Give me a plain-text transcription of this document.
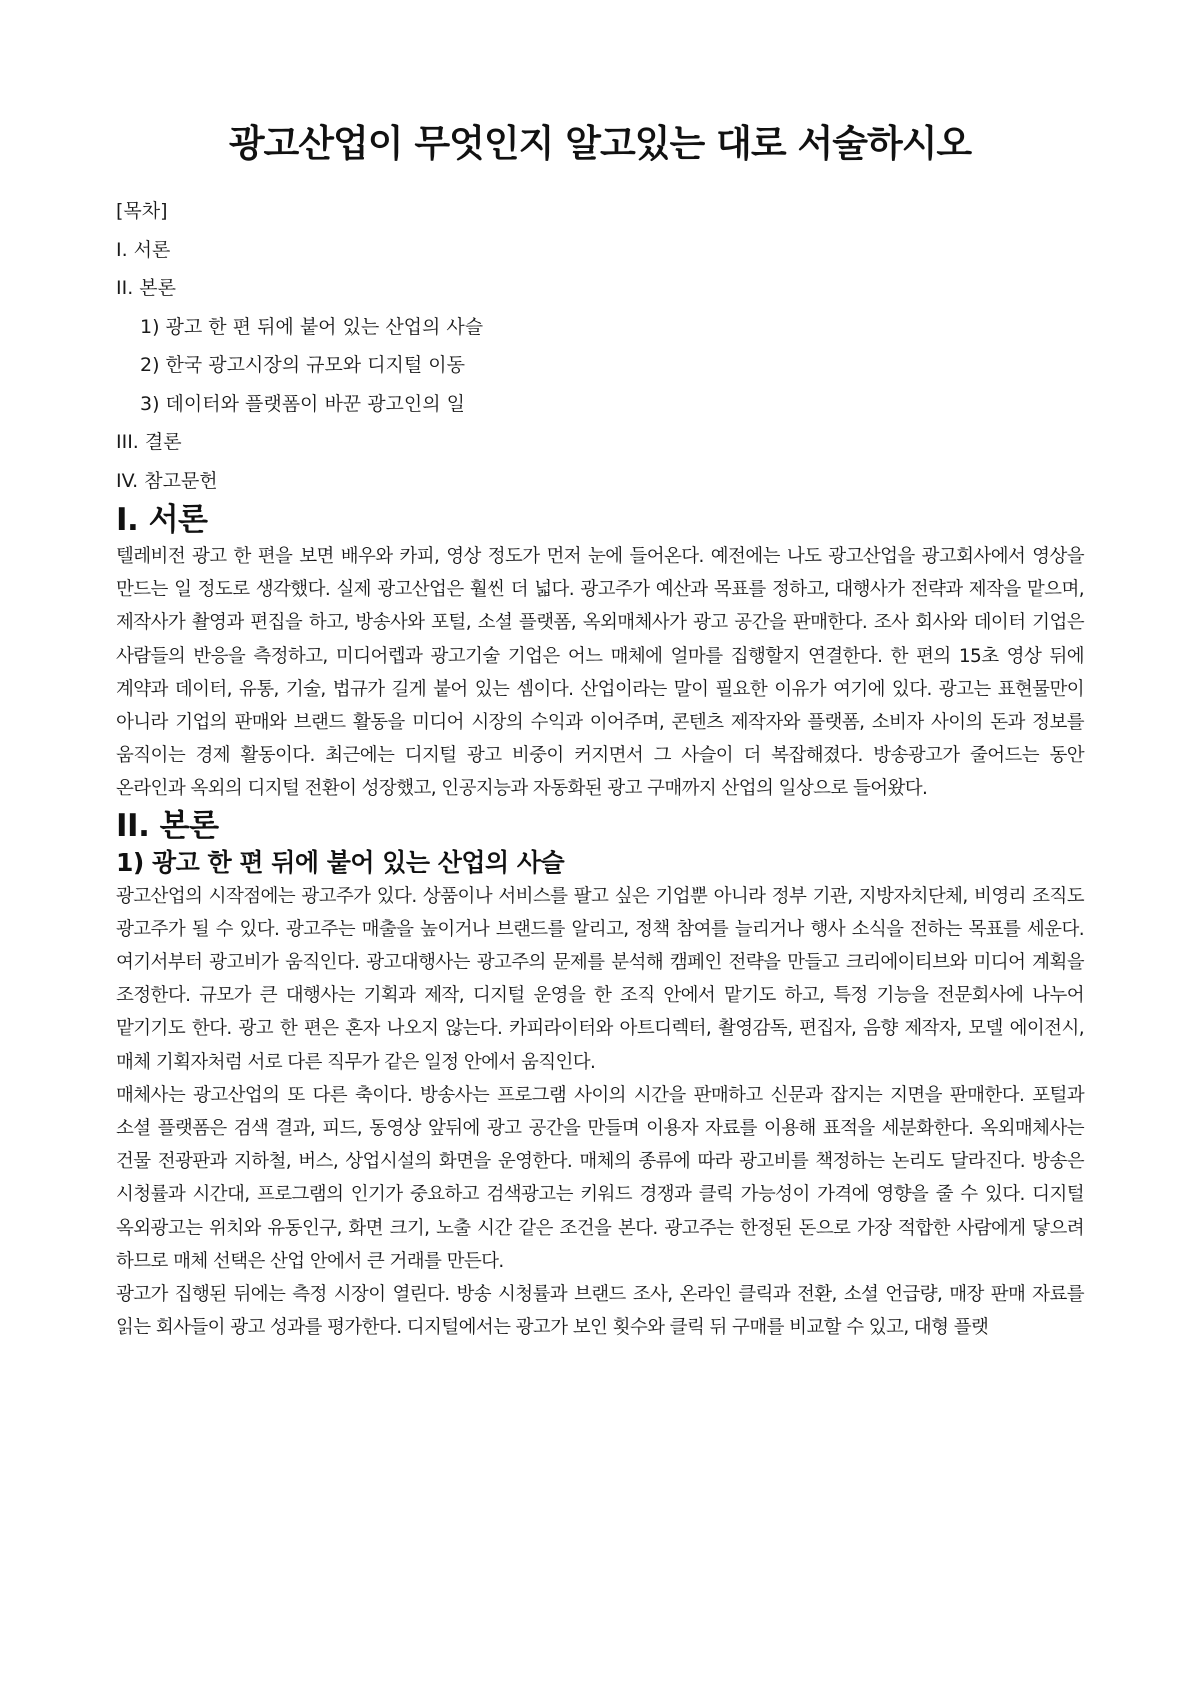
광고산업이 무엇인지 알고있는 대로 서술하시오
[목차]
I. 서론
II. 본론
1) 광고 한 편 뒤에 붙어 있는 산업의 사슬
2) 한국 광고시장의 규모와 디지털 이동
3) 데이터와 플랫폼이 바꾼 광고인의 일
III. 결론
IV. 참고문헌
I. 서론

텔레비전 광고 한 편을 보면 배우와 카피, 영상 정도가 먼저 눈에 들어온다. 예전에는 나도 광고산업을 광고회사에서 영상을 만드는 일 정도로 생각했다. 실제 광고산업은 훨씬 더 넓다. 광고주가 예산과 목표를 정하고, 대행사가 전략과 제작을 맡으며, 제작사가 촬영과 편집을 하고, 방송사와 포털, 소셜 플랫폼, 옥외매체사가 광고 공간을 판매한다. 조사 회사와 데이터 기업은 사람들의 반응을 측정하고, 미디어렙과 광고기술 기업은 어느 매체에 얼마를 집행할지 연결한다. 한 편의 15초 영상 뒤에 계약과 데이터, 유통, 기술, 법규가 길게 붙어 있는 셈이다. 산업이라는 말이 필요한 이유가 여기에 있다. 광고는 표현물만이 아니라 기업의 판매와 브랜드 활동을 미디어 시장의 수익과 이어주며, 콘텐츠 제작자와 플랫폼, 소비자 사이의 돈과 정보를 움직이는 경제 활동이다. 최근에는 디지털 광고 비중이 커지면서 그 사슬이 더 복잡해졌다. 방송광고가 줄어드는 동안 온라인과 옥외의 디지털 전환이 성장했고, 인공지능과 자동화된 광고 구매까지 산업의 일상으로 들어왔다.

II. 본론
1) 광고 한 편 뒤에 붙어 있는 산업의 사슬

광고산업의 시작점에는 광고주가 있다. 상품이나 서비스를 팔고 싶은 기업뿐 아니라 정부 기관, 지방자치단체, 비영리 조직도 광고주가 될 수 있다. 광고주는 매출을 높이거나 브랜드를 알리고, 정책 참여를 늘리거나 행사 소식을 전하는 목표를 세운다. 여기서부터 광고비가 움직인다. 광고대행사는 광고주의 문제를 분석해 캠페인 전략을 만들고 크리에이티브와 미디어 계획을 조정한다. 규모가 큰 대행사는 기획과 제작, 디지털 운영을 한 조직 안에서 맡기도 하고, 특정 기능을 전문회사에 나누어 맡기기도 한다. 광고 한 편은 혼자 나오지 않는다. 카피라이터와 아트디렉터, 촬영감독, 편집자, 음향 제작자, 모델 에이전시, 매체 기획자처럼 서로 다른 직무가 같은 일정 안에서 움직인다.

매체사는 광고산업의 또 다른 축이다. 방송사는 프로그램 사이의 시간을 판매하고 신문과 잡지는 지면을 판매한다. 포털과 소셜 플랫폼은 검색 결과, 피드, 동영상 앞뒤에 광고 공간을 만들며 이용자 자료를 이용해 표적을 세분화한다. 옥외매체사는 건물 전광판과 지하철, 버스, 상업시설의 화면을 운영한다. 매체의 종류에 따라 광고비를 책정하는 논리도 달라진다. 방송은 시청률과 시간대, 프로그램의 인기가 중요하고 검색광고는 키워드 경쟁과 클릭 가능성이 가격에 영향을 줄 수 있다. 디지털 옥외광고는 위치와 유동인구, 화면 크기, 노출 시간 같은 조건을 본다. 광고주는 한정된 돈으로 가장 적합한 사람에게 닿으려 하므로 매체 선택은 산업 안에서 큰 거래를 만든다.

광고가 집행된 뒤에는 측정 시장이 열린다. 방송 시청률과 브랜드 조사, 온라인 클릭과 전환, 소셜 언급량, 매장 판매 자료를 읽는 회사들이 광고 성과를 평가한다. 디지털에서는 광고가 보인 횟수와 클릭 뒤 구매를 비교할 수 있고, 대형 플랫
